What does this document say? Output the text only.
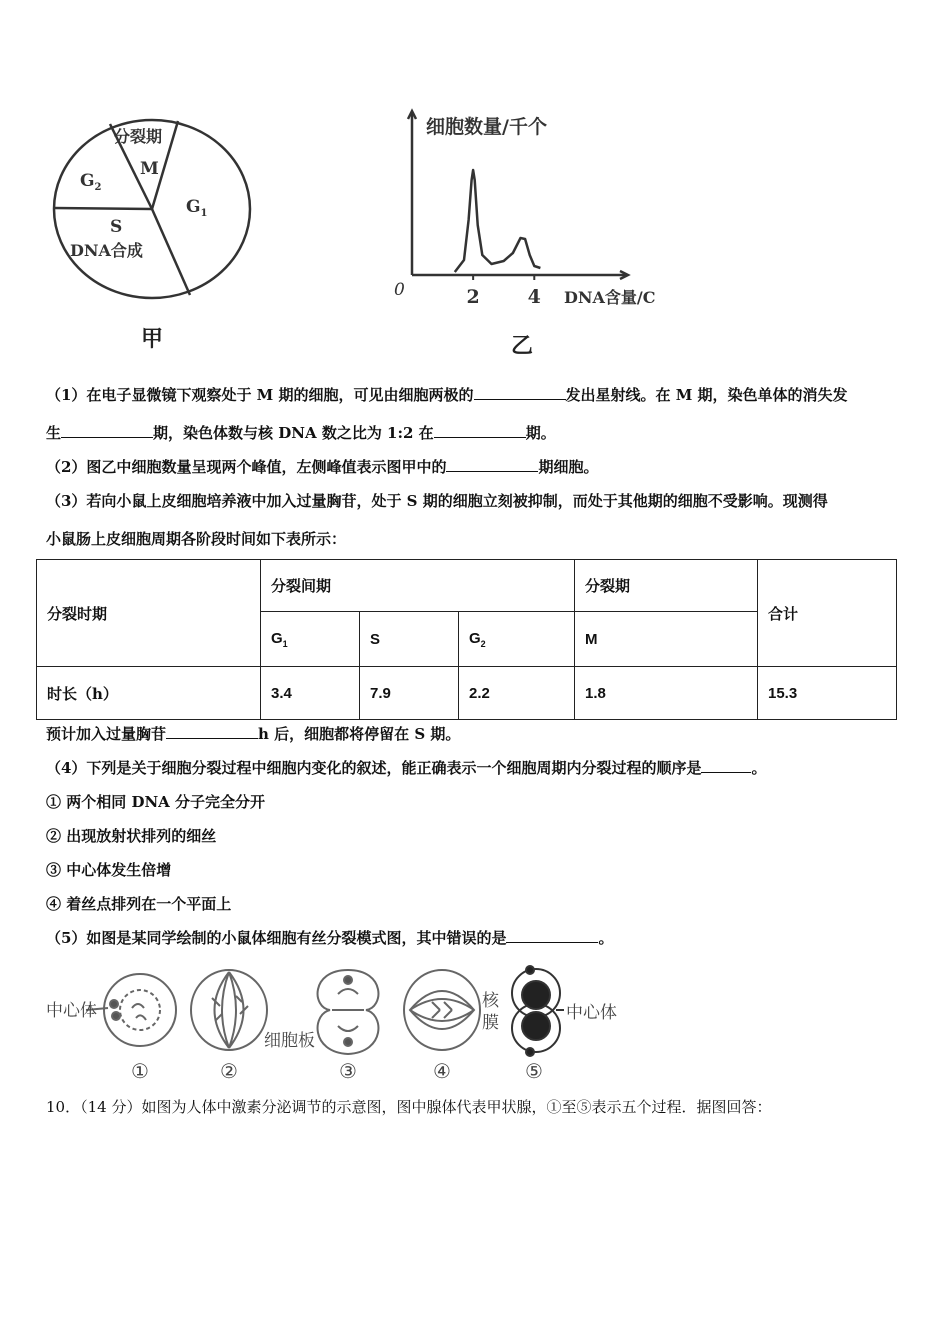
分裂期
M
$G_2$
$G_1$
S
DNA合成
甲
细胞数量/千个
0	2	4 DNA含量/C
乙
（1）在电子显微镜下观察处于 M 期的细胞，可见由细胞两极的	发出星射线。在 M 期，染色单体的消失发
生	期，染色体数与核 DNA 数之比为 1:2 在	期。
（2）图乙中细胞数量呈现两个峰值，左侧峰值表示图甲中的	期细胞。
（3）若向小鼠上皮细胞培养液中加入过量胸苷，处于 S 期的细胞立刻被抑制，而处于其他期的细胞不受影响。现测得
小鼠肠上皮细胞周期各阶段时间如下表所示：
分裂时期	分裂间期			分裂期	合计
	$G_1$	S	$G_2$	M	
时长（h）	3.4	7.9	2.2	1.8	15.3
预计加入过量胸苷	h 后，细胞都将停留在 S 期。
（4）下列是关于细胞分裂过程中细胞内变化的叙述，能正确表示一个细胞周期内分裂过程的顺序是	。
① 两个相同 DNA 分子完全分开
② 出现放射状排列的细丝
③ 中心体发生倍增
④ 着丝点排列在一个平面上
（5）如图是某同学绘制的小鼠体细胞有丝分裂模式图，其中错误的是	。
中心体
细胞板
核
膜	中心体
①	②	③	④	⑤
10．（14 分）如图为人体中激素分泌调节的示意图，图中腺体代表甲状腺，①至⑤表示五个过程．据图回答：
